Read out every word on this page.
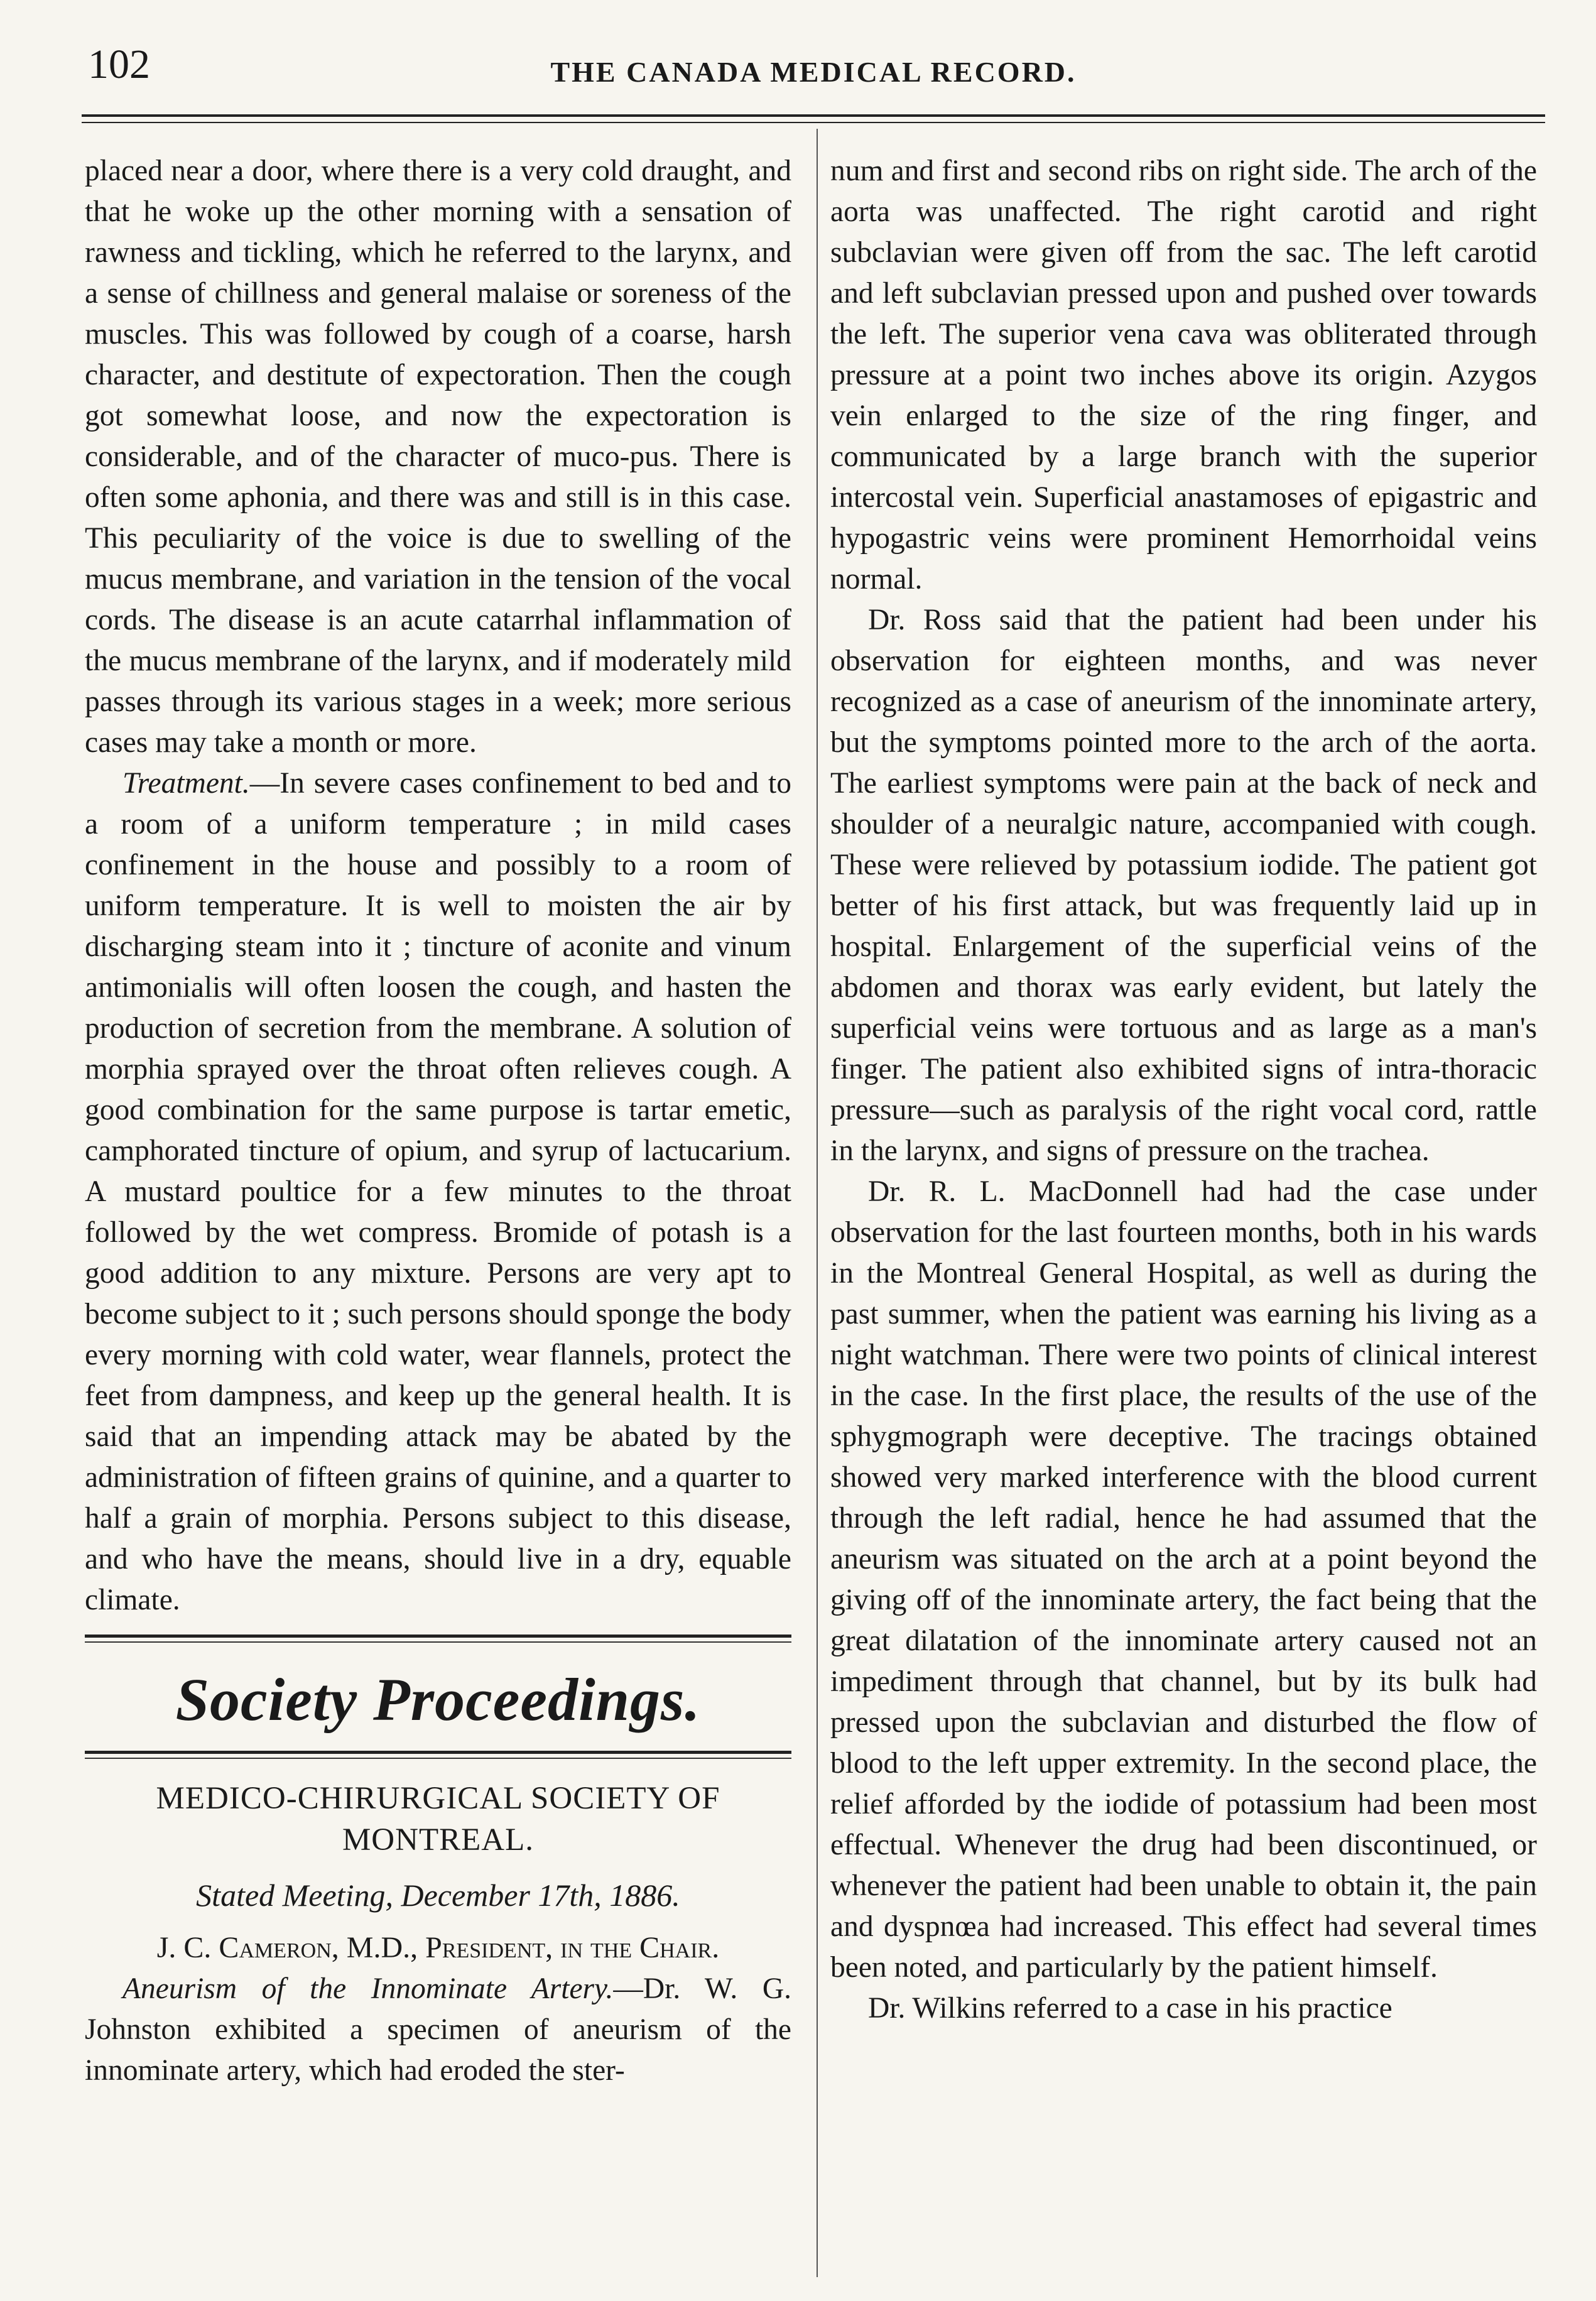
102	THE CANADA MEDICAL RECORD.

placed near a door, where there is a very cold draught, and that he woke up the other morning with a sensation of rawness and tickling, which he referred to the larynx, and a sense of chillness and general malaise or soreness of the muscles. This was followed by cough of a coarse, harsh character, and destitute of expectoration. Then the cough got somewhat loose, and now the expectoration is considerable, and of the character of muco-pus. There is often some aphonia, and there was and still is in this case. This peculiarity of the voice is due to swelling of the mucus membrane, and variation in the tension of the vocal cords. The disease is an acute catarrhal inflammation of the mucus membrane of the larynx, and if moderately mild passes through its various stages in a week; more serious cases may take a month or more.

Treatment.—In severe cases confinement to bed and to a room of a uniform temperature ; in mild cases confinement in the house and possibly to a room of uniform temperature. It is well to moisten the air by discharging steam into it ; tincture of aconite and vinum antimonialis will often loosen the cough, and hasten the production of secretion from the membrane. A solution of morphia sprayed over the throat often relieves cough. A good combination for the same purpose is tartar emetic, camphorated tincture of opium, and syrup of lactucarium. A mustard poultice for a few minutes to the throat followed by the wet compress. Bromide of potash is a good addition to any mixture. Persons are very apt to become subject to it ; such persons should sponge the body every morning with cold water, wear flannels, protect the feet from dampness, and keep up the general health. It is said that an impending attack may be abated by the administration of fifteen grains of quinine, and a quarter to half a grain of morphia. Persons subject to this disease, and who have the means, should live in a dry, equable climate.

Society Proceedings.
MEDICO-CHIRURGICAL SOCIETY OF MONTREAL.
Stated Meeting, December 17th, 1886.
J. C. Cameron, M.D., President, in the Chair.

Aneurism of the Innominate Artery.—Dr. W. G. Johnston exhibited a specimen of aneurism of the innominate artery, which had eroded the ster-

num and first and second ribs on right side. The arch of the aorta was unaffected. The right carotid and right subclavian were given off from the sac. The left carotid and left subclavian pressed upon and pushed over towards the left. The superior vena cava was obliterated through pressure at a point two inches above its origin. Azygos vein enlarged to the size of the ring finger, and communicated by a large branch with the superior intercostal vein. Superficial anastamoses of epigastric and hypogastric veins were prominent Hemorrhoidal veins normal.

Dr. Ross said that the patient had been under his observation for eighteen months, and was never recognized as a case of aneurism of the innominate artery, but the symptoms pointed more to the arch of the aorta. The earliest symptoms were pain at the back of neck and shoulder of a neuralgic nature, accompanied with cough. These were relieved by potassium iodide. The patient got better of his first attack, but was frequently laid up in hospital. Enlargement of the superficial veins of the abdomen and thorax was early evident, but lately the superficial veins were tortuous and as large as a man's finger. The patient also exhibited signs of intra-thoracic pressure—such as paralysis of the right vocal cord, rattle in the larynx, and signs of pressure on the trachea.

Dr. R. L. MacDonnell had had the case under observation for the last fourteen months, both in his wards in the Montreal General Hospital, as well as during the past summer, when the patient was earning his living as a night watchman. There were two points of clinical interest in the case. In the first place, the results of the use of the sphygmograph were deceptive. The tracings obtained showed very marked interference with the blood current through the left radial, hence he had assumed that the aneurism was situated on the arch at a point beyond the giving off of the innominate artery, the fact being that the great dilatation of the innominate artery caused not an impediment through that channel, but by its bulk had pressed upon the subclavian and disturbed the flow of blood to the left upper extremity. In the second place, the relief afforded by the iodide of potassium had been most effectual. Whenever the drug had been discontinued, or whenever the patient had been unable to obtain it, the pain and dyspnœa had increased. This effect had several times been noted, and particularly by the patient himself.

Dr. Wilkins referred to a case in his practice
